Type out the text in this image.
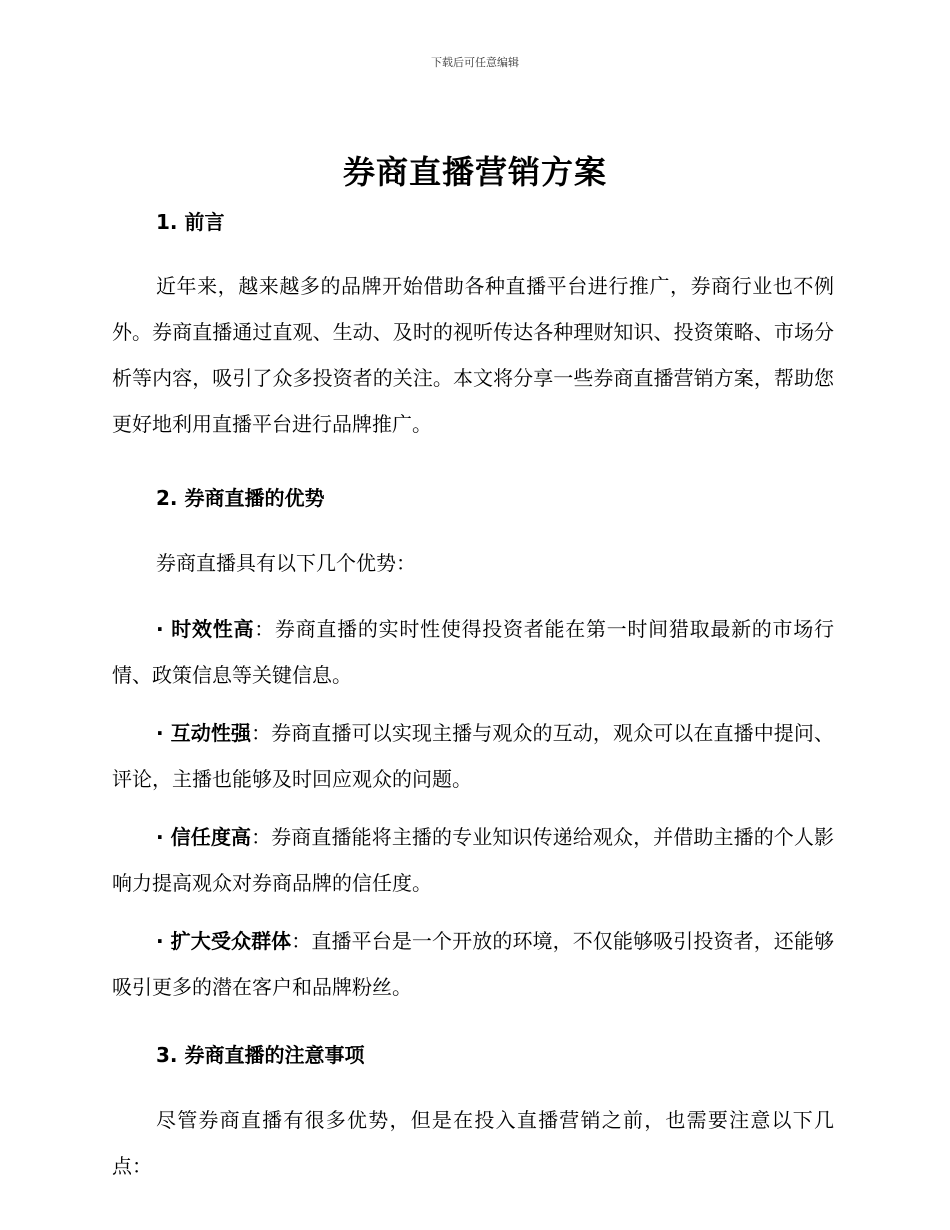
下载后可任意编辑
券商直播营销方案
1. 前言

近年来，越来越多的品牌开始借助各种直播平台进行推广，券商行业也不例外。券商直播通过直观、生动、及时的视听传达各种理财知识、投资策略、市场分析等内容，吸引了众多投资者的关注。本文将分享一些券商直播营销方案，帮助您更好地利用直播平台进行品牌推广。

2. 券商直播的优势

券商直播具有以下几个优势：

· 时效性高：券商直播的实时性使得投资者能在第一时间猎取最新的市场行情、政策信息等关键信息。

· 互动性强：券商直播可以实现主播与观众的互动，观众可以在直播中提问、评论，主播也能够及时回应观众的问题。

· 信任度高：券商直播能将主播的专业知识传递给观众，并借助主播的个人影响力提高观众对券商品牌的信任度。

· 扩大受众群体：直播平台是一个开放的环境，不仅能够吸引投资者，还能够吸引更多的潜在客户和品牌粉丝。

3. 券商直播的注意事项

尽管券商直播有很多优势，但是在投入直播营销之前，也需要注意以下几点：
